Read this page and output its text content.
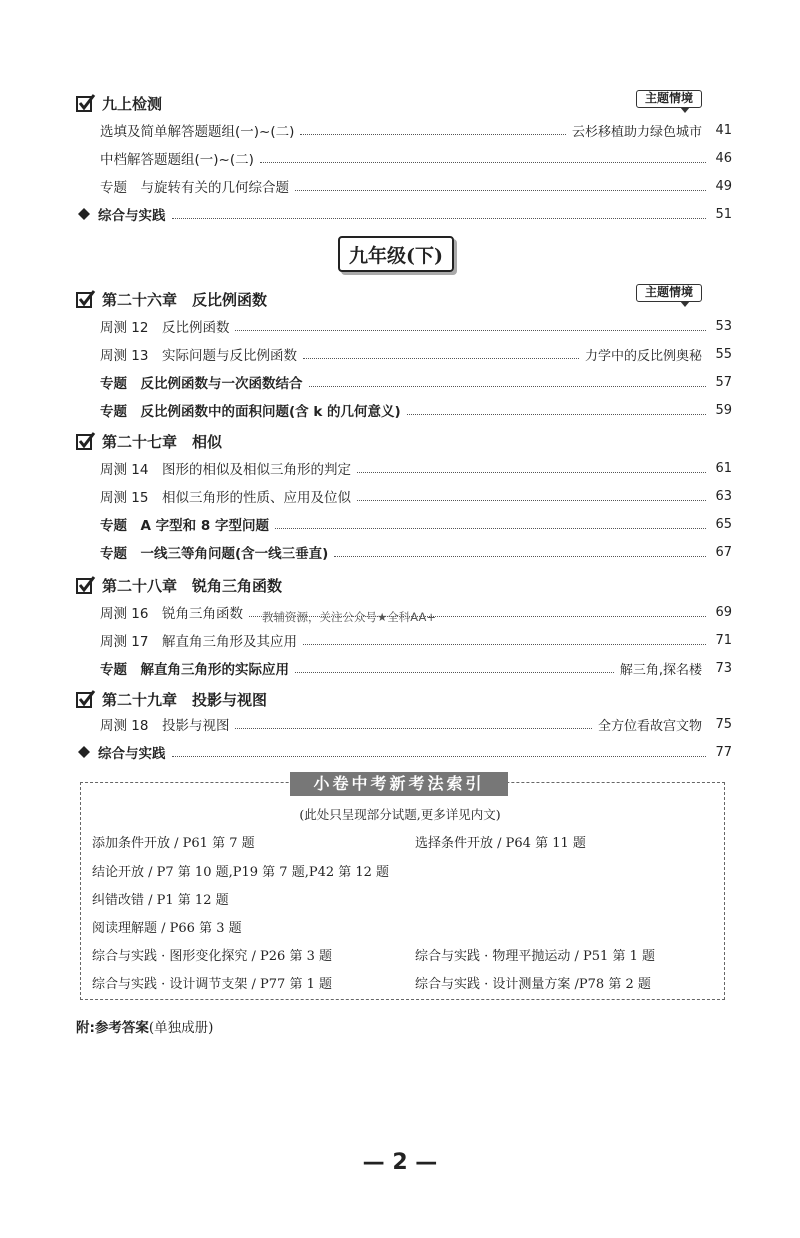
九上检测	主题情境
选填及简单解答题题组(一)~(二)	云杉移植助力绿色城市 41
中档解答题题组(一)~(二)	46
专题　与旋转有关的几何综合题	49
综合与实践	51
九年级(下)
第二十六章　反比例函数	主题情境
周测 12　反比例函数	53
周测 13　实际问题与反比例函数	力学中的反比例奥秘 55
专题　反比例函数与一次函数结合	57
专题　反比例函数中的面积问题(含 k 的几何意义)	59
第二十七章　相似
周测 14　图形的相似及相似三角形的判定	61
周测 15　相似三角形的性质、应用及位似	63
专题　A 字型和 8 字型问题	65
专题　一线三等角问题(含一线三垂直)	67
第二十八章　锐角三角函数
周测 16　锐角三角函数	69
教辅资源，关注公众号★全科AA+
周测 17　解直角三角形及其应用	71
专题　解直角三角形的实际应用	解三角,探名楼 73
第二十九章　投影与视图
周测 18　投影与视图	全方位看故宫文物 75
综合与实践	77
小卷中考新考法索引
(此处只呈现部分试题,更多详见内文)
添加条件开放 / P61 第 7 题	选择条件开放 / P64 第 11 题
结论开放 / P7 第 10 题,P19 第 7 题,P42 第 12 题
纠错改错 / P1 第 12 题
阅读理解题 / P66 第 3 题
综合与实践 · 图形变化探究 / P26 第 3 题	综合与实践 · 物理平抛运动 / P51 第 1 题
综合与实践 · 设计调节支架 / P77 第 1 题	综合与实践 · 设计测量方案 /P78 第 2 题
附:参考答案(单独成册)
— 2 —
